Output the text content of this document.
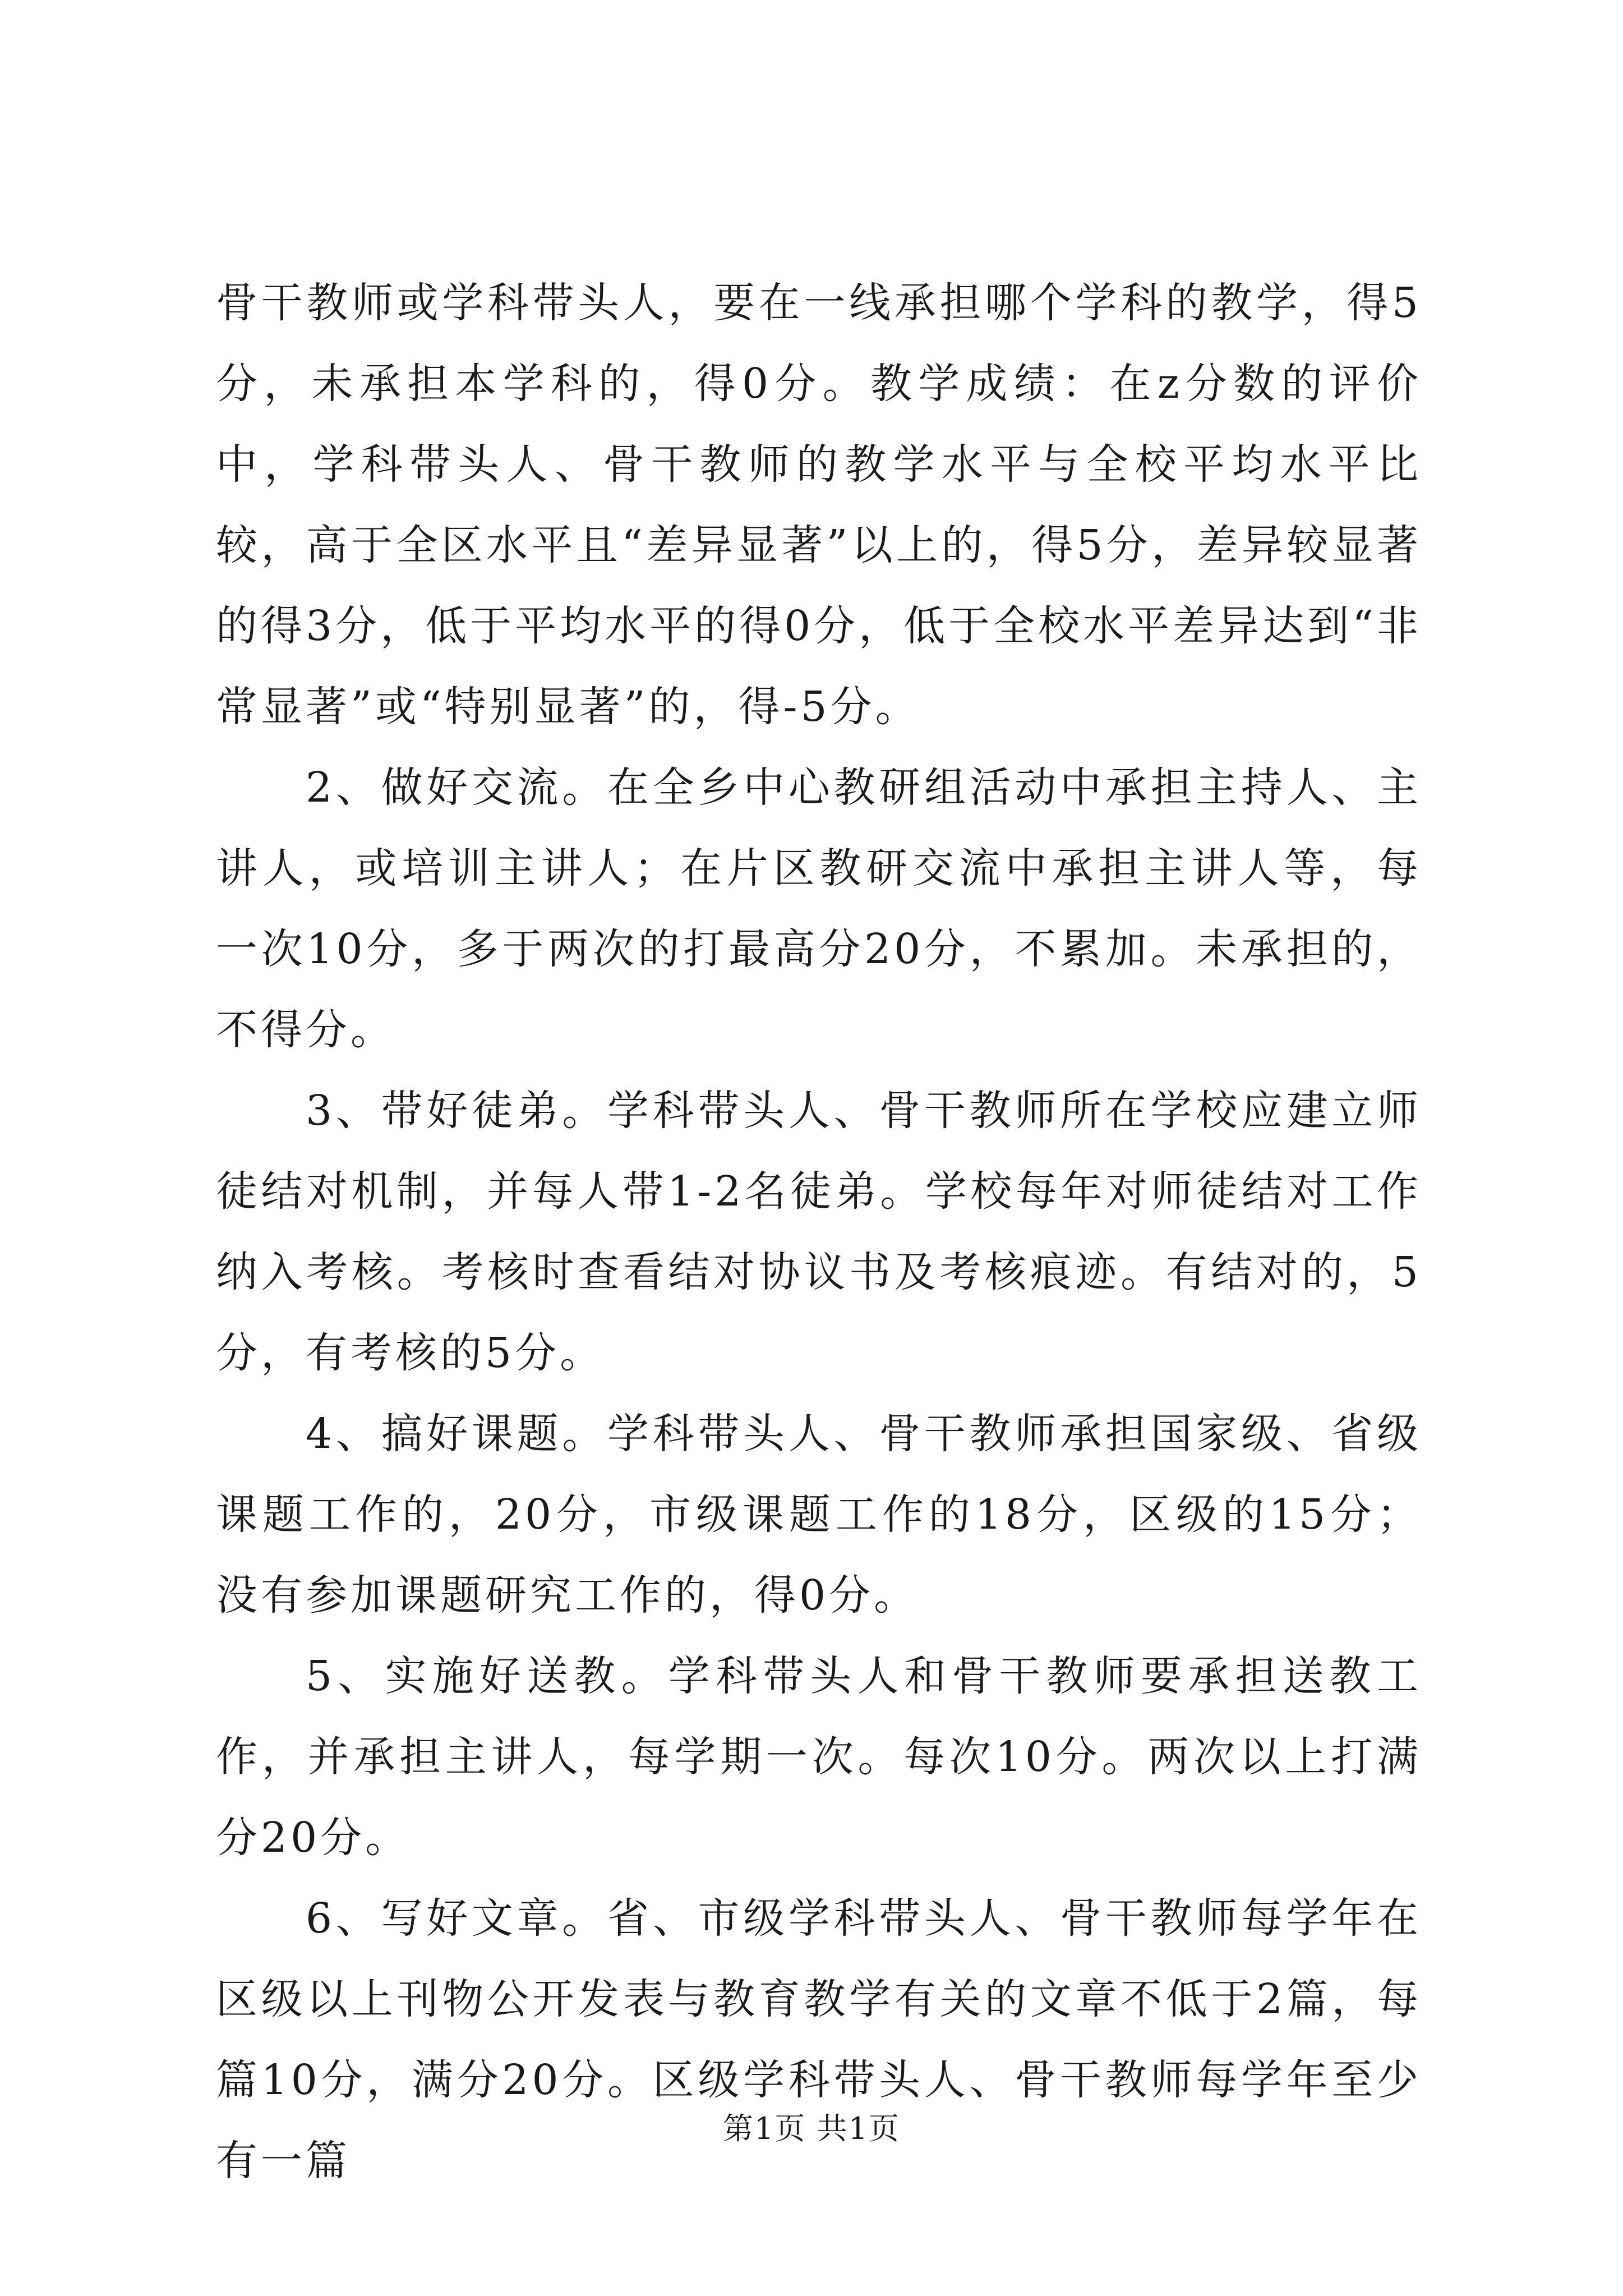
骨干教师或学科带头人，要在一线承担哪个学科的教学，得5分，未承担本学科的，得0分。教学成绩：在z分数的评价中，学科带头人、骨干教师的教学水平与全校平均水平比较，高于全区水平且“差异显著”以上的，得5分，差异较显著的得3分，低于平均水平的得0分，低于全校水平差异达到“非常显著”或“特别显著”的，得-5分。

2、做好交流。在全乡中心教研组活动中承担主持人、主讲人，或培训主讲人；在片区教研交流中承担主讲人等，每一次10分，多于两次的打最高分20分，不累加。未承担的，不得分。

3、带好徒弟。学科带头人、骨干教师所在学校应建立师徒结对机制，并每人带1-2名徒弟。学校每年对师徒结对工作纳入考核。考核时查看结对协议书及考核痕迹。有结对的，5分，有考核的5分。

4、搞好课题。学科带头人、骨干教师承担国家级、省级课题工作的，20分，市级课题工作的18分，区级的15分；没有参加课题研究工作的，得0分。

5、实施好送教。学科带头人和骨干教师要承担送教工作，并承担主讲人，每学期一次。每次10分。两次以上打满分20分。

6、写好文章。省、市级学科带头人、骨干教师每学年在区级以上刊物公开发表与教育教学有关的文章不低于2篇，每篇10分，满分20分。区级学科带头人、骨干教师每学年至少有一篇

第1页 共1页
